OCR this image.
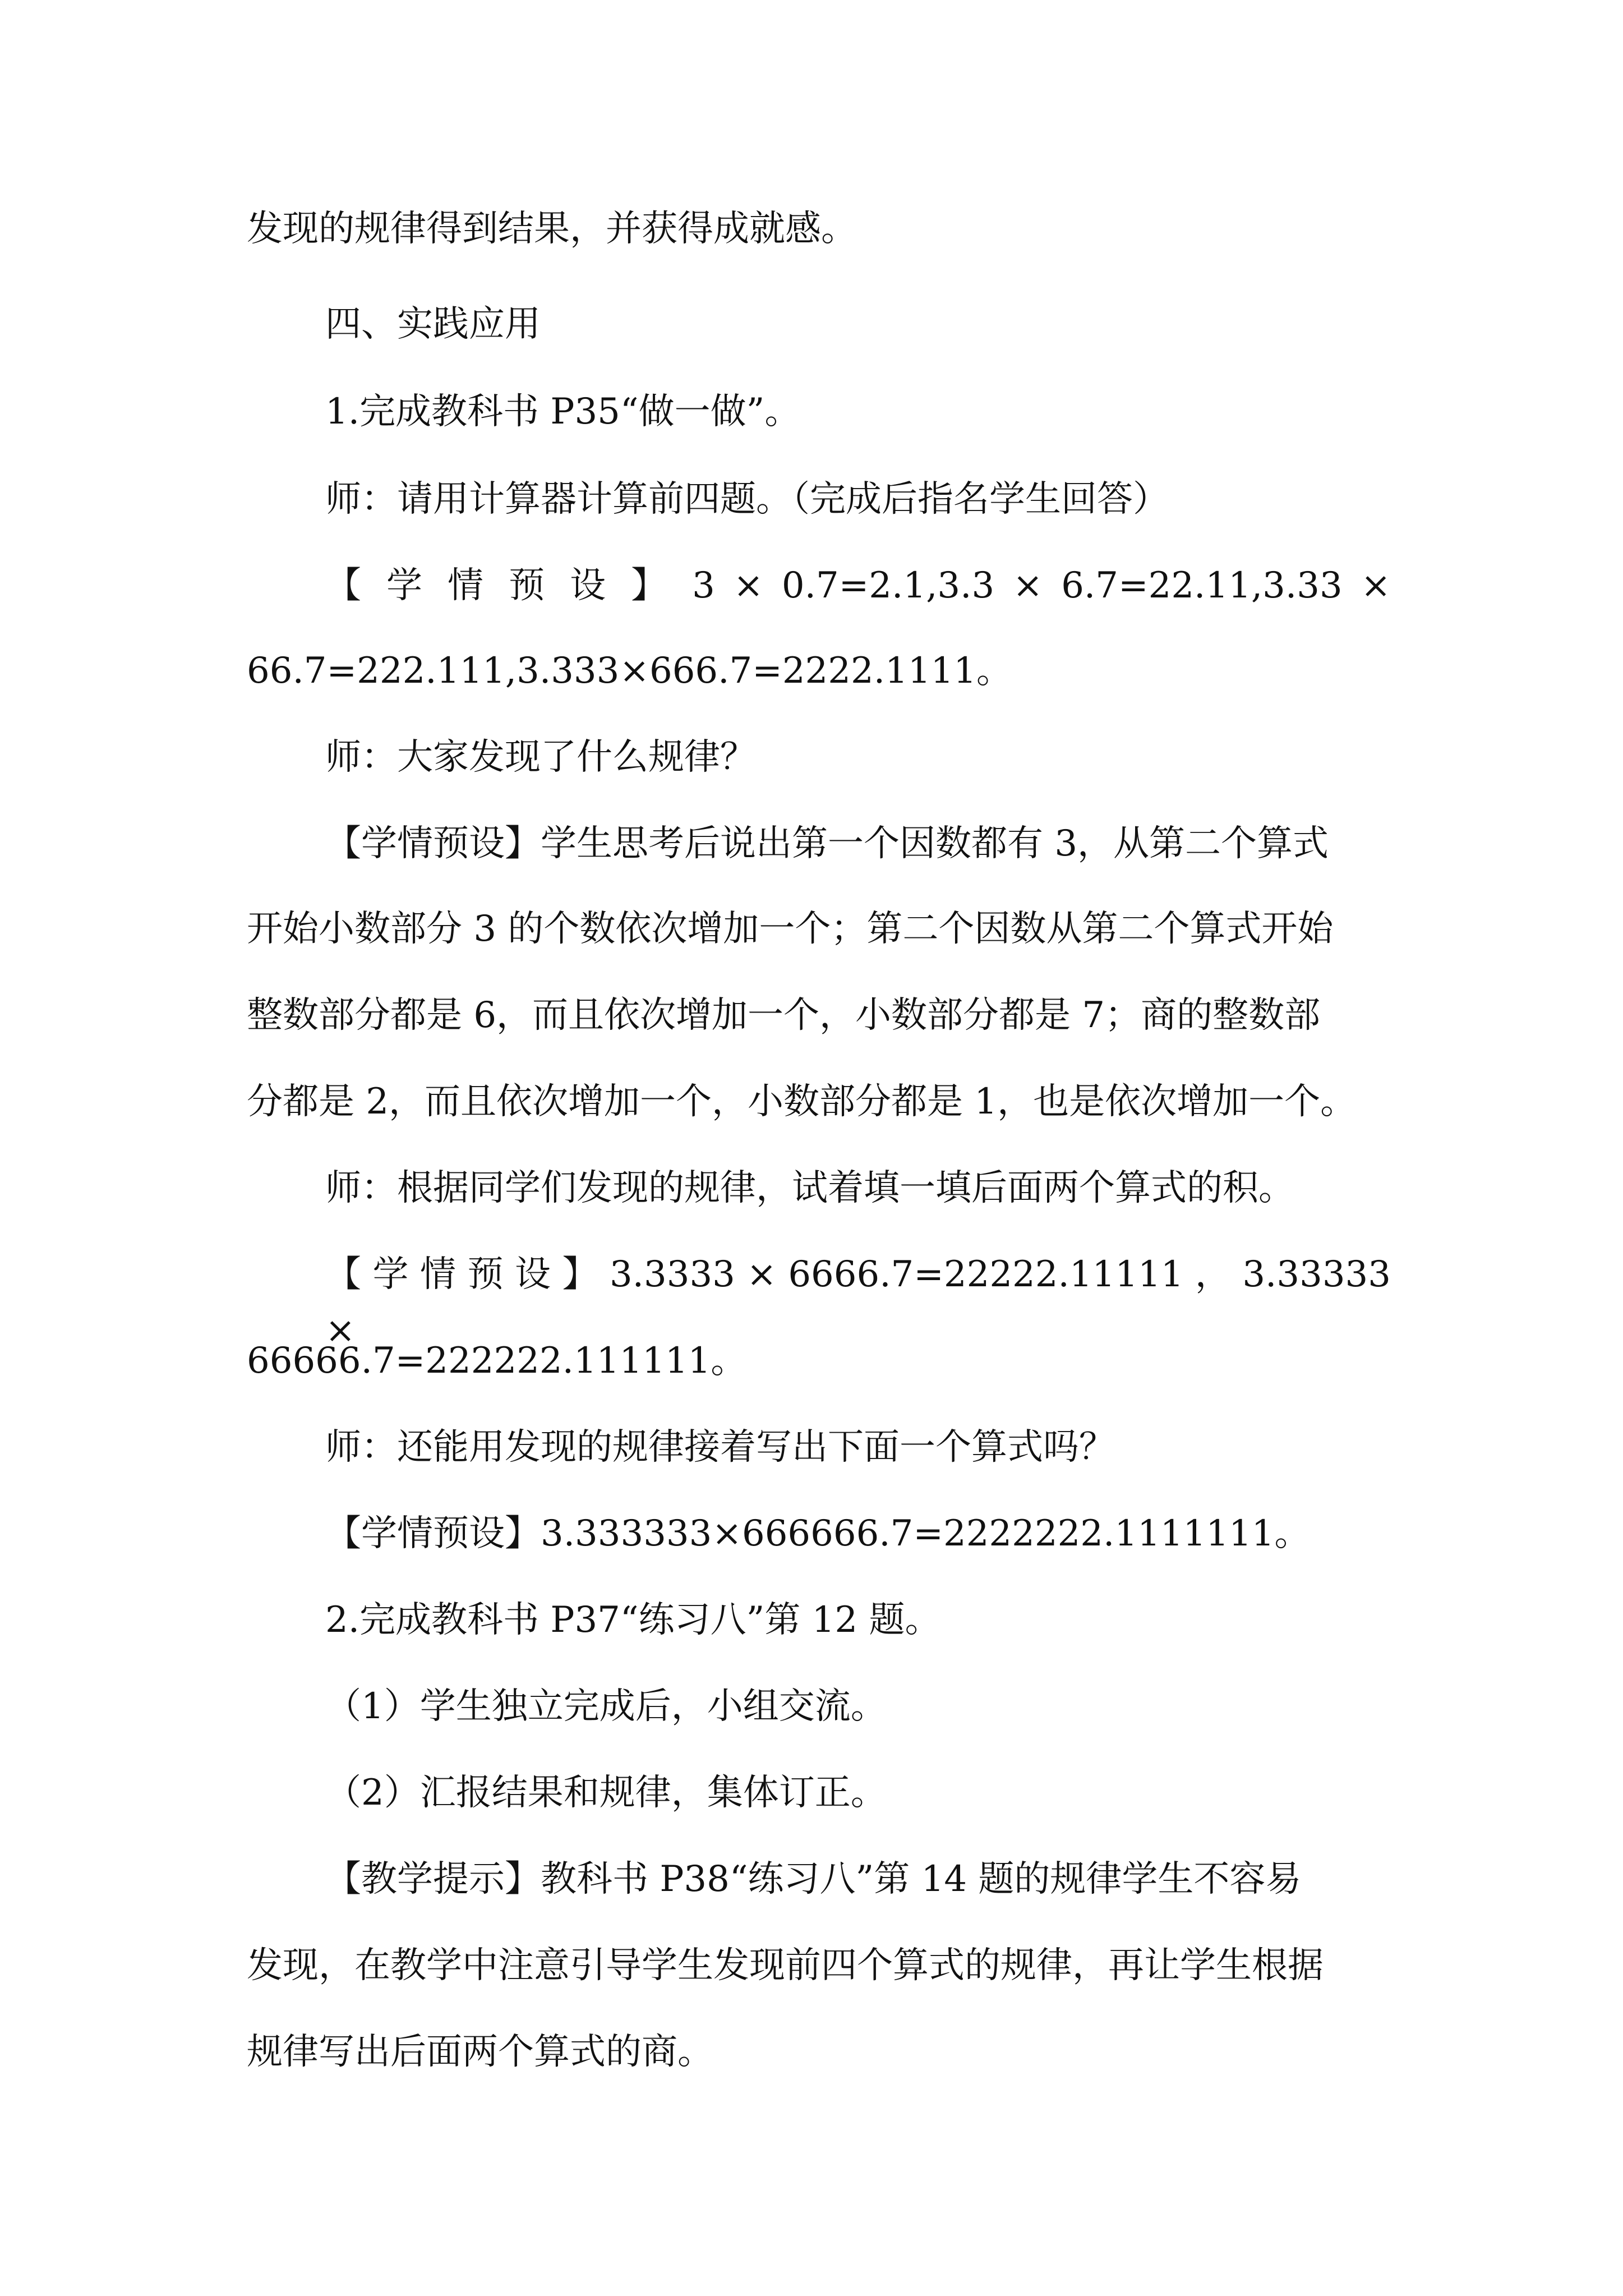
发现的规律得到结果，并获得成就感。
四、实践应用
1.完成教科书 P35“做一做”。
师：请用计算器计算前四题。（完成后指名学生回答）
【 学 情 预 设 】 3 × 0.7=2.1,3.3 × 6.7=22.11,3.33 ×
66.7=222.111,3.333×666.7=2222.1111。
师：大家发现了什么规律？
【学情预设】学生思考后说出第一个因数都有 3，从第二个算式
开始小数部分 3 的个数依次增加一个；第二个因数从第二个算式开始
整数部分都是 6，而且依次增加一个，小数部分都是 7；商的整数部
分都是 2，而且依次增加一个，小数部分都是 1，也是依次增加一个。
师：根据同学们发现的规律，试着填一填后面两个算式的积。
【 学 情 预 设 】 3.3333 × 6666.7=22222.11111 ， 3.33333 ×
66666.7=222222.111111。
师：还能用发现的规律接着写出下面一个算式吗？
【学情预设】3.333333×666666.7=2222222.1111111。
2.完成教科书 P37“练习八”第 12 题。
（1）学生独立完成后，小组交流。
（2）汇报结果和规律，集体订正。
【教学提示】教科书 P38“练习八”第 14 题的规律学生不容易
发现，在教学中注意引导学生发现前四个算式的规律，再让学生根据
规律写出后面两个算式的商。
